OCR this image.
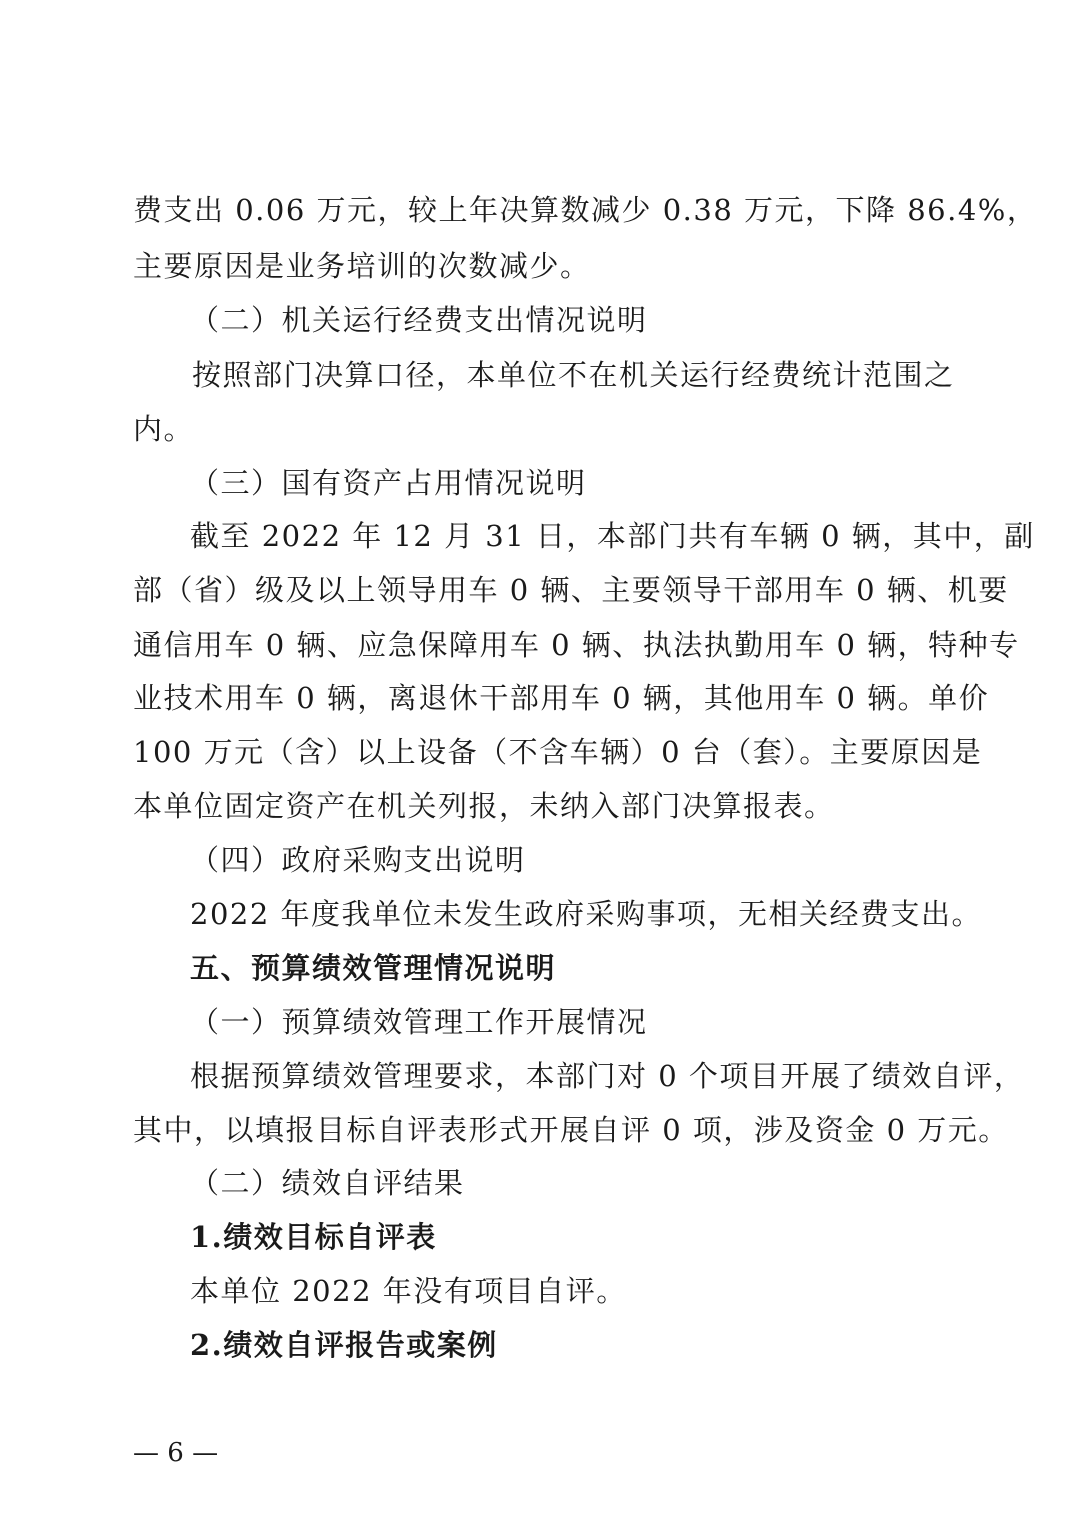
费支出 0.06 万元，较上年决算数减少 0.38 万元，下降 86.4%，
主要原因是业务培训的次数减少。
（二）机关运行经费支出情况说明
按照部门决算口径，本单位不在机关运行经费统计范围之
内。
（三）国有资产占用情况说明
截至 2022 年 12 月 31 日，本部门共有车辆 0 辆，其中，副
部（省）级及以上领导用车 0 辆、主要领导干部用车 0 辆、机要
通信用车 0 辆、应急保障用车 0 辆、执法执勤用车 0 辆，特种专
业技术用车 0 辆，离退休干部用车 0 辆，其他用车 0 辆。单价
100 万元（含）以上设备（不含车辆）0 台（套）。主要原因是
本单位固定资产在机关列报，未纳入部门决算报表。
（四）政府采购支出说明
2022 年度我单位未发生政府采购事项，无相关经费支出。
五、预算绩效管理情况说明
（一）预算绩效管理工作开展情况
根据预算绩效管理要求，本部门对 0 个项目开展了绩效自评，
其中，以填报目标自评表形式开展自评 0 项，涉及资金 0 万元。
（二）绩效自评结果
1.绩效目标自评表
本单位 2022 年没有项目自评。
2.绩效自评报告或案例
— 6 —
